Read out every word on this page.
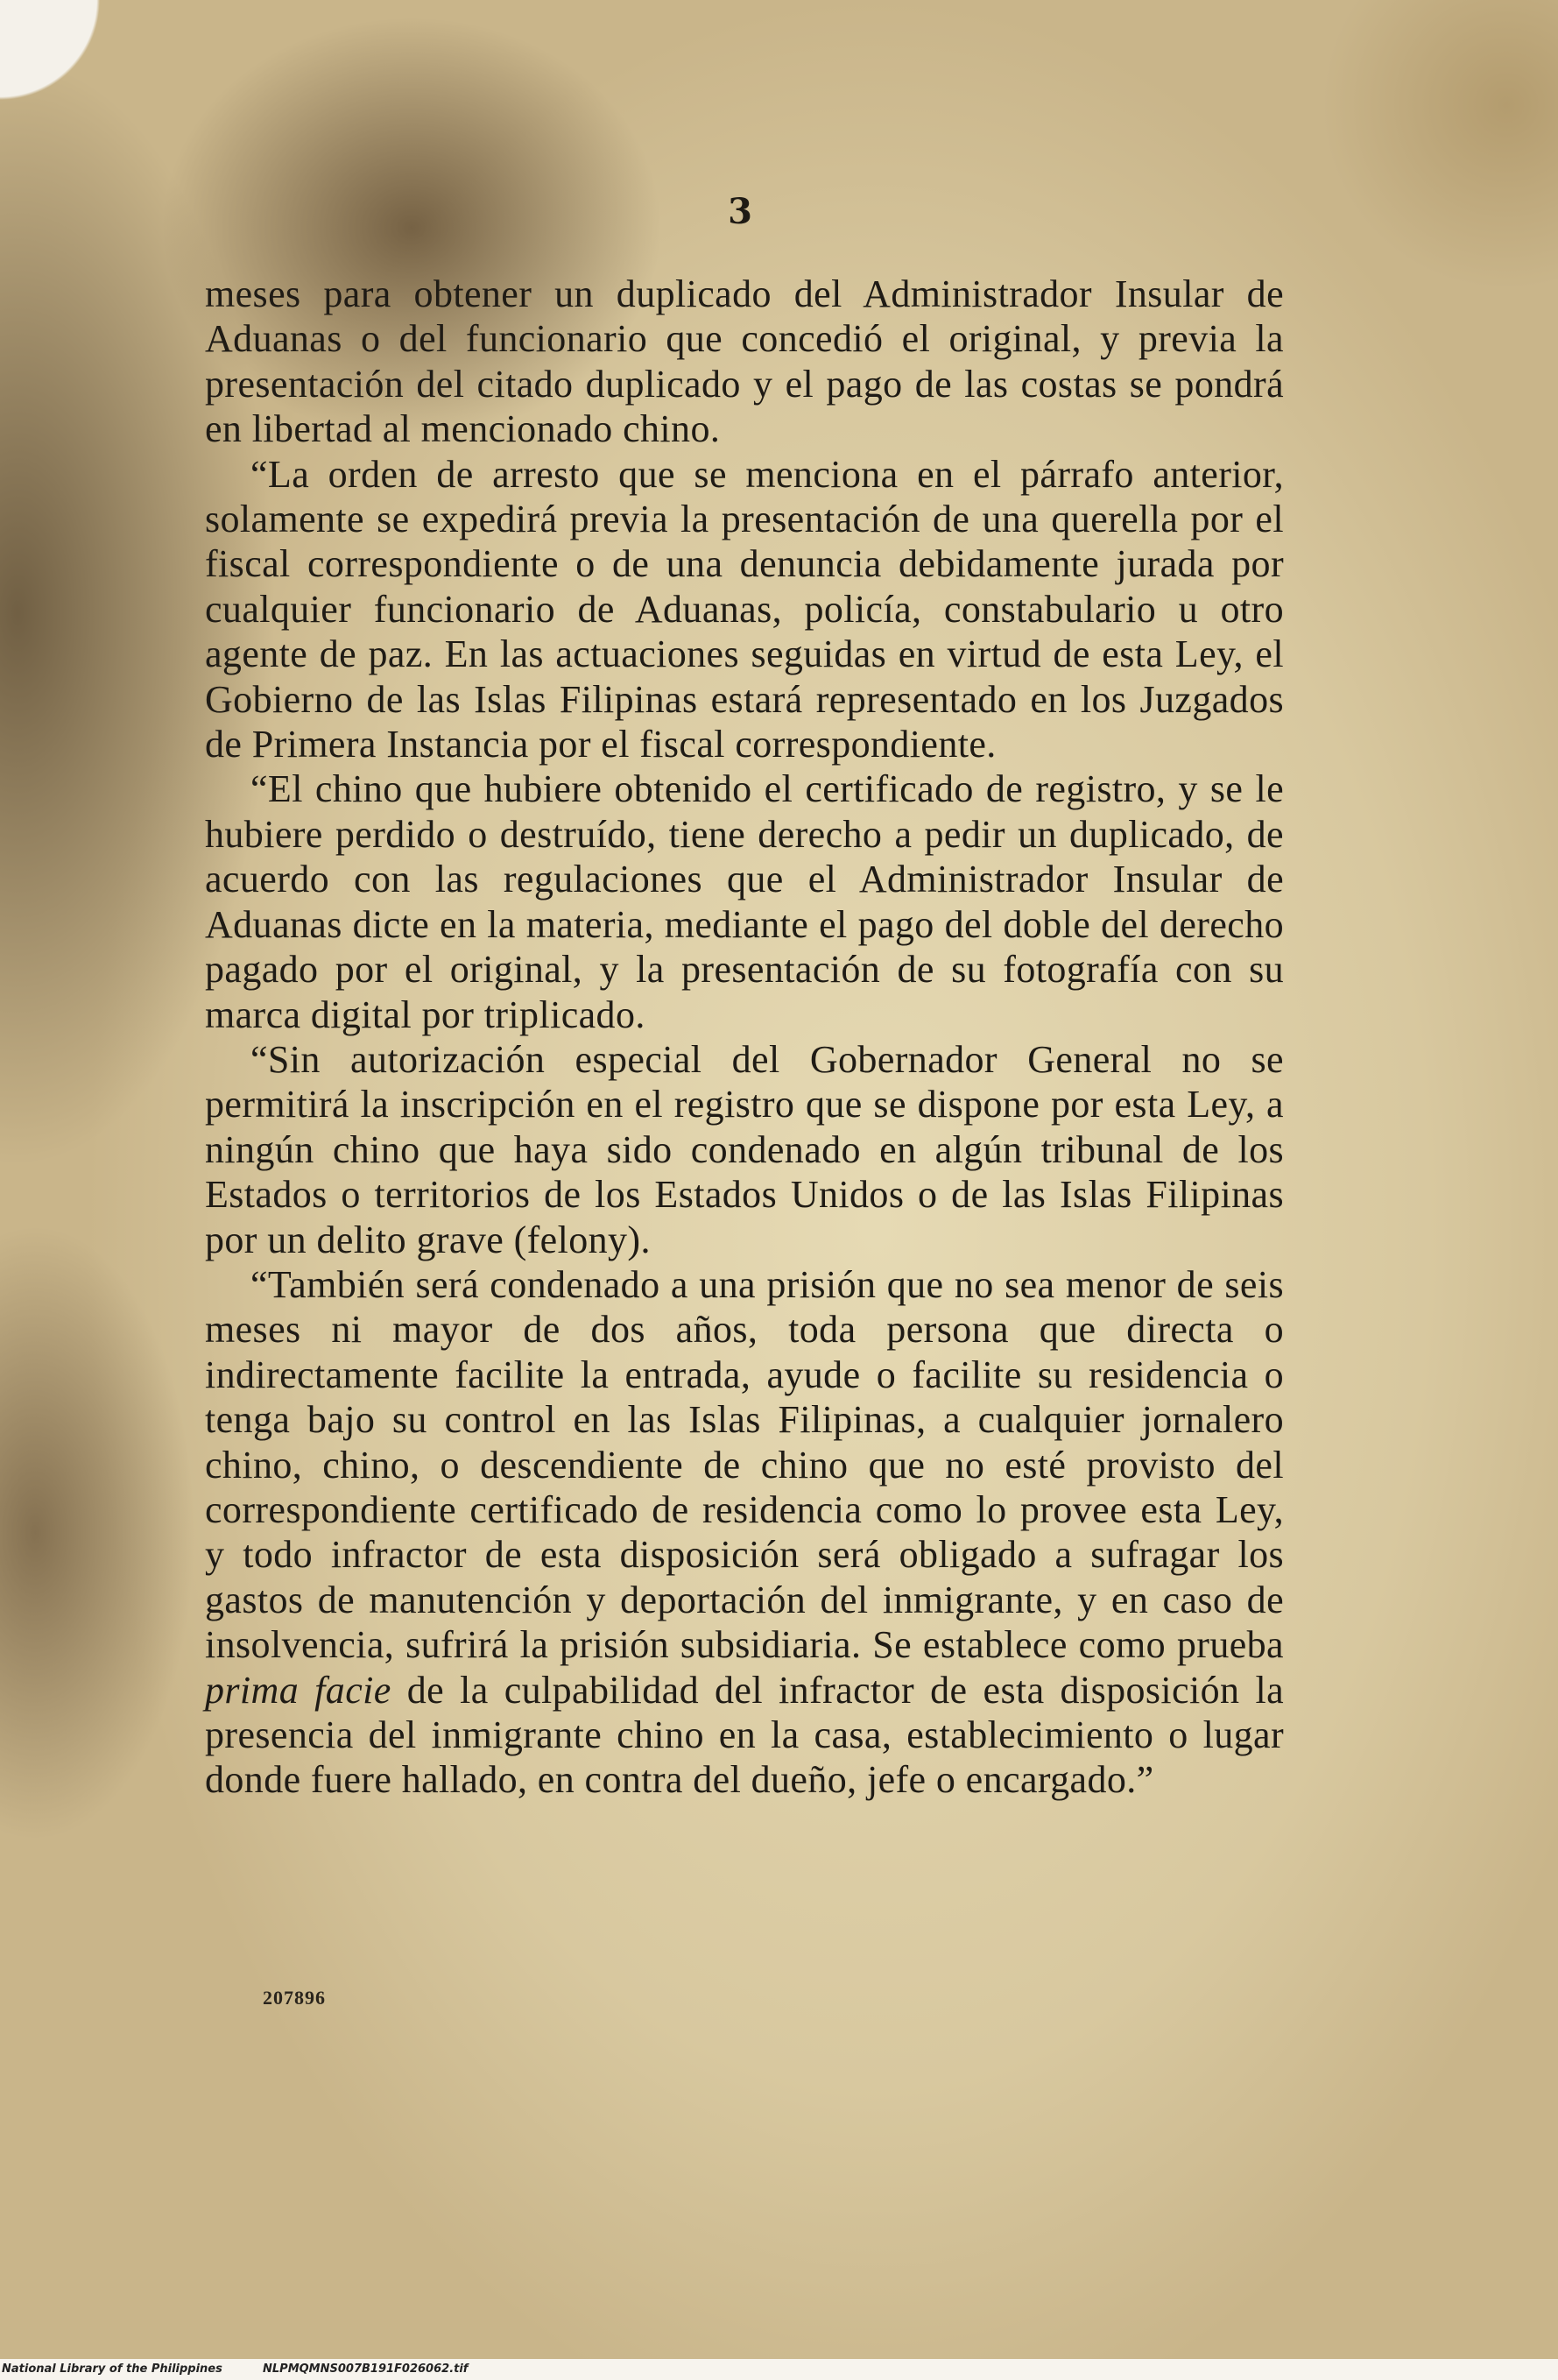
3

meses para obtener un duplicado del Administrador Insular de Aduanas o del funcionario que concedió el original, y previa la presentación del citado duplicado y el pago de las costas se pondrá en libertad al mencionado chino.

“La orden de arresto que se menciona en el párrafo anterior, solamente se expedirá previa la presentación de una querella por el fiscal correspondiente o de una denuncia debidamente jurada por cualquier funcionario de Aduanas, policía, constabulario u otro agente de paz. En las actuaciones seguidas en virtud de esta Ley, el Gobierno de las Islas Filipinas estará representado en los Juzgados de Primera Instancia por el fiscal correspondiente.

“El chino que hubiere obtenido el certificado de registro, y se le hubiere perdido o destruído, tiene derecho a pedir un duplicado, de acuerdo con las regulaciones que el Administrador Insular de Aduanas dicte en la materia, mediante el pago del doble del derecho pagado por el original, y la presentación de su fotografía con su marca digital por triplicado.

“Sin autorización especial del Gobernador General no se permitirá la inscripción en el registro que se dispone por esta Ley, a ningún chino que haya sido condenado en algún tribunal de los Estados o territorios de los Estados Unidos o de las Islas Filipinas por un delito grave (felony).

“También será condenado a una prisión que no sea menor de seis meses ni mayor de dos años, toda persona que directa o indirectamente facilite la entrada, ayude o facilite su residencia o tenga bajo su control en las Islas Filipinas, a cualquier jornalero chino, chino, o descendiente de chino que no esté provisto del correspondiente certificado de residencia como lo provee esta Ley, y todo infractor de esta disposición será obligado a sufragar los gastos de manutención y deportación del inmigrante, y en caso de insolvencia, sufrirá la prisión subsidiaria. Se establece como prueba prima facie de la culpabilidad del infractor de esta disposición la presencia del inmigrante chino en la casa, establecimiento o lugar donde fuere hallado, en contra del dueño, jefe o encargado.”

207896

National Library of the Philippines	NLPMQMNS007B191F026062.tif
